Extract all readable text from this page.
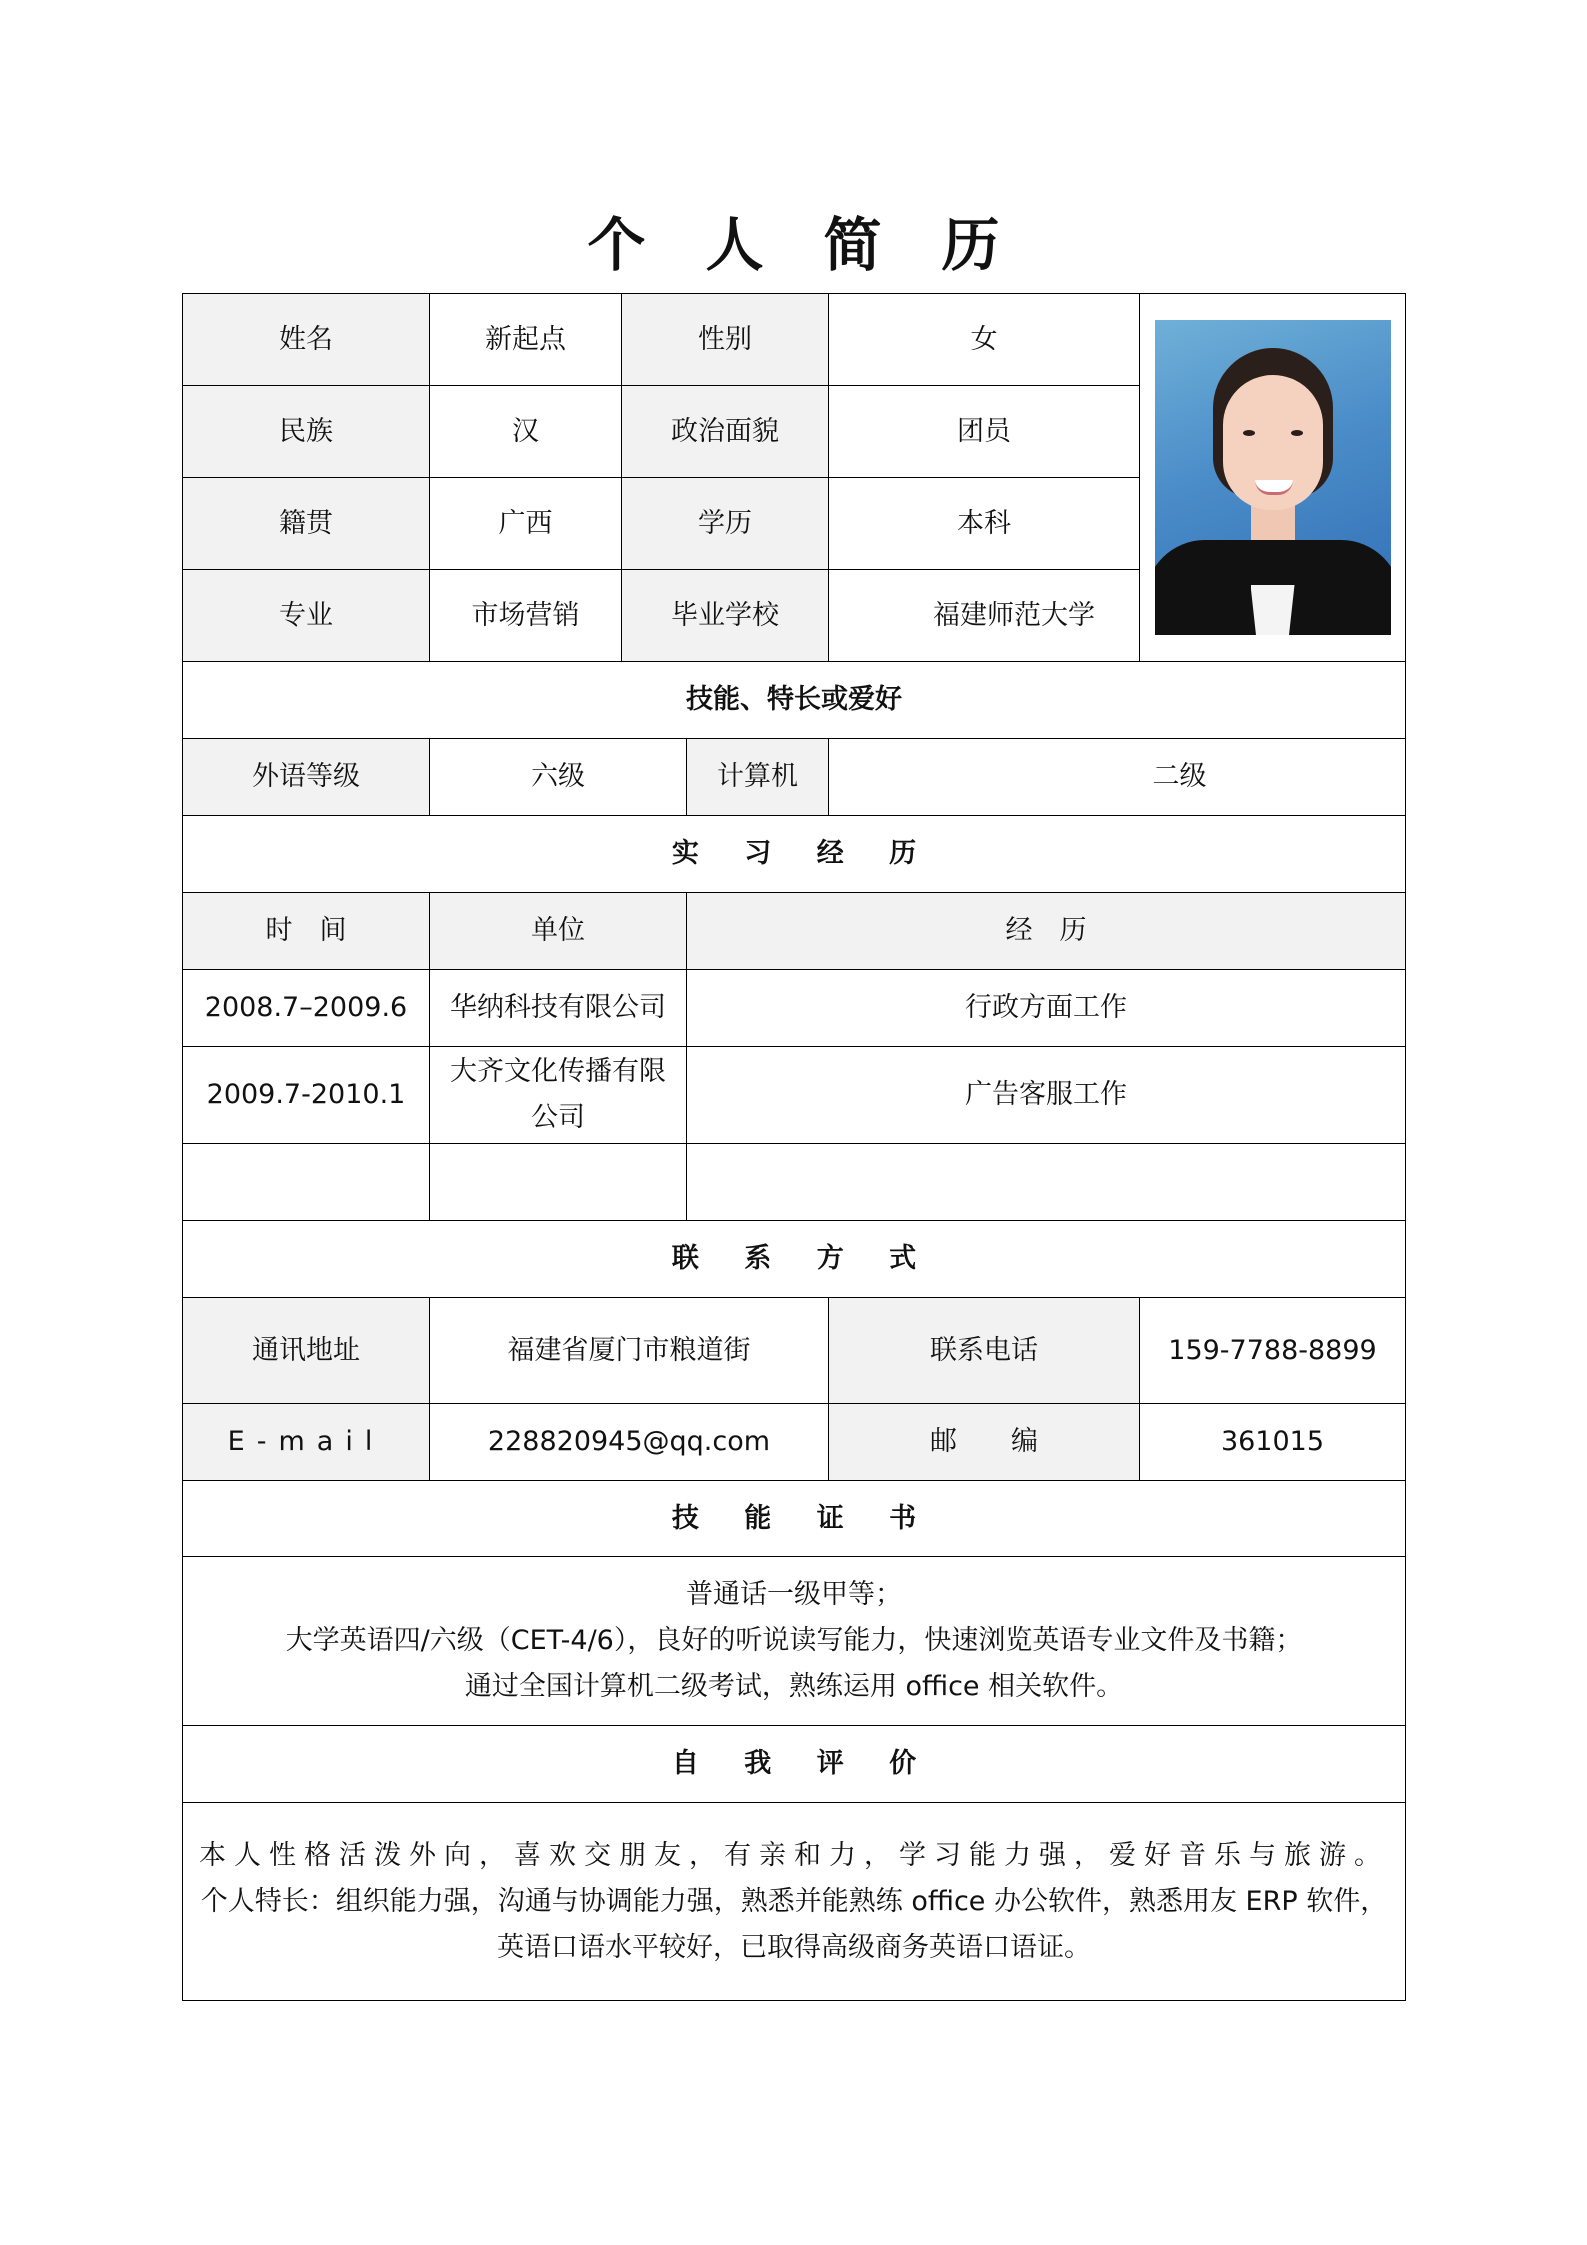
个人简历
姓名	新起点	性别		女	

民族	汉	政治面貌		团员	
籍贯	广西	学历		本科	
专业	市场营销	毕业学校		福建师范大学	
技能、特长或爱好					
外语等级	六级		计算机	二级	
实 习 经 历					
时　间	单位		经　历		
2008.7–2009.6	华纳科技有限公司		行政方面工作		
2009.7-2010.1	大齐文化传播有限公司		广告客服工作		

联 系 方 式					
通讯地址	福建省厦门市粮道街			联系电话	159-7788-8899
E-mail	228820945@qq.com			邮　　编	361015
技 能 证 书					

普通话一级甲等；
大学英语四/六级（CET-4/6），良好的听说读写能力，快速浏览英语专业文件及书籍；
通过全国计算机二级考试，熟练运用 office 相关软件。					

自 我 评 价					

本人性格活泼外向，喜欢交朋友，有亲和力，学习能力强，爱好音乐与旅游。
个人特长：组织能力强，沟通与协调能力强，熟悉并能熟练 office 办公软件，熟悉用友 ERP 软件，
英语口语水平较好，已取得高级商务英语口语证。					
